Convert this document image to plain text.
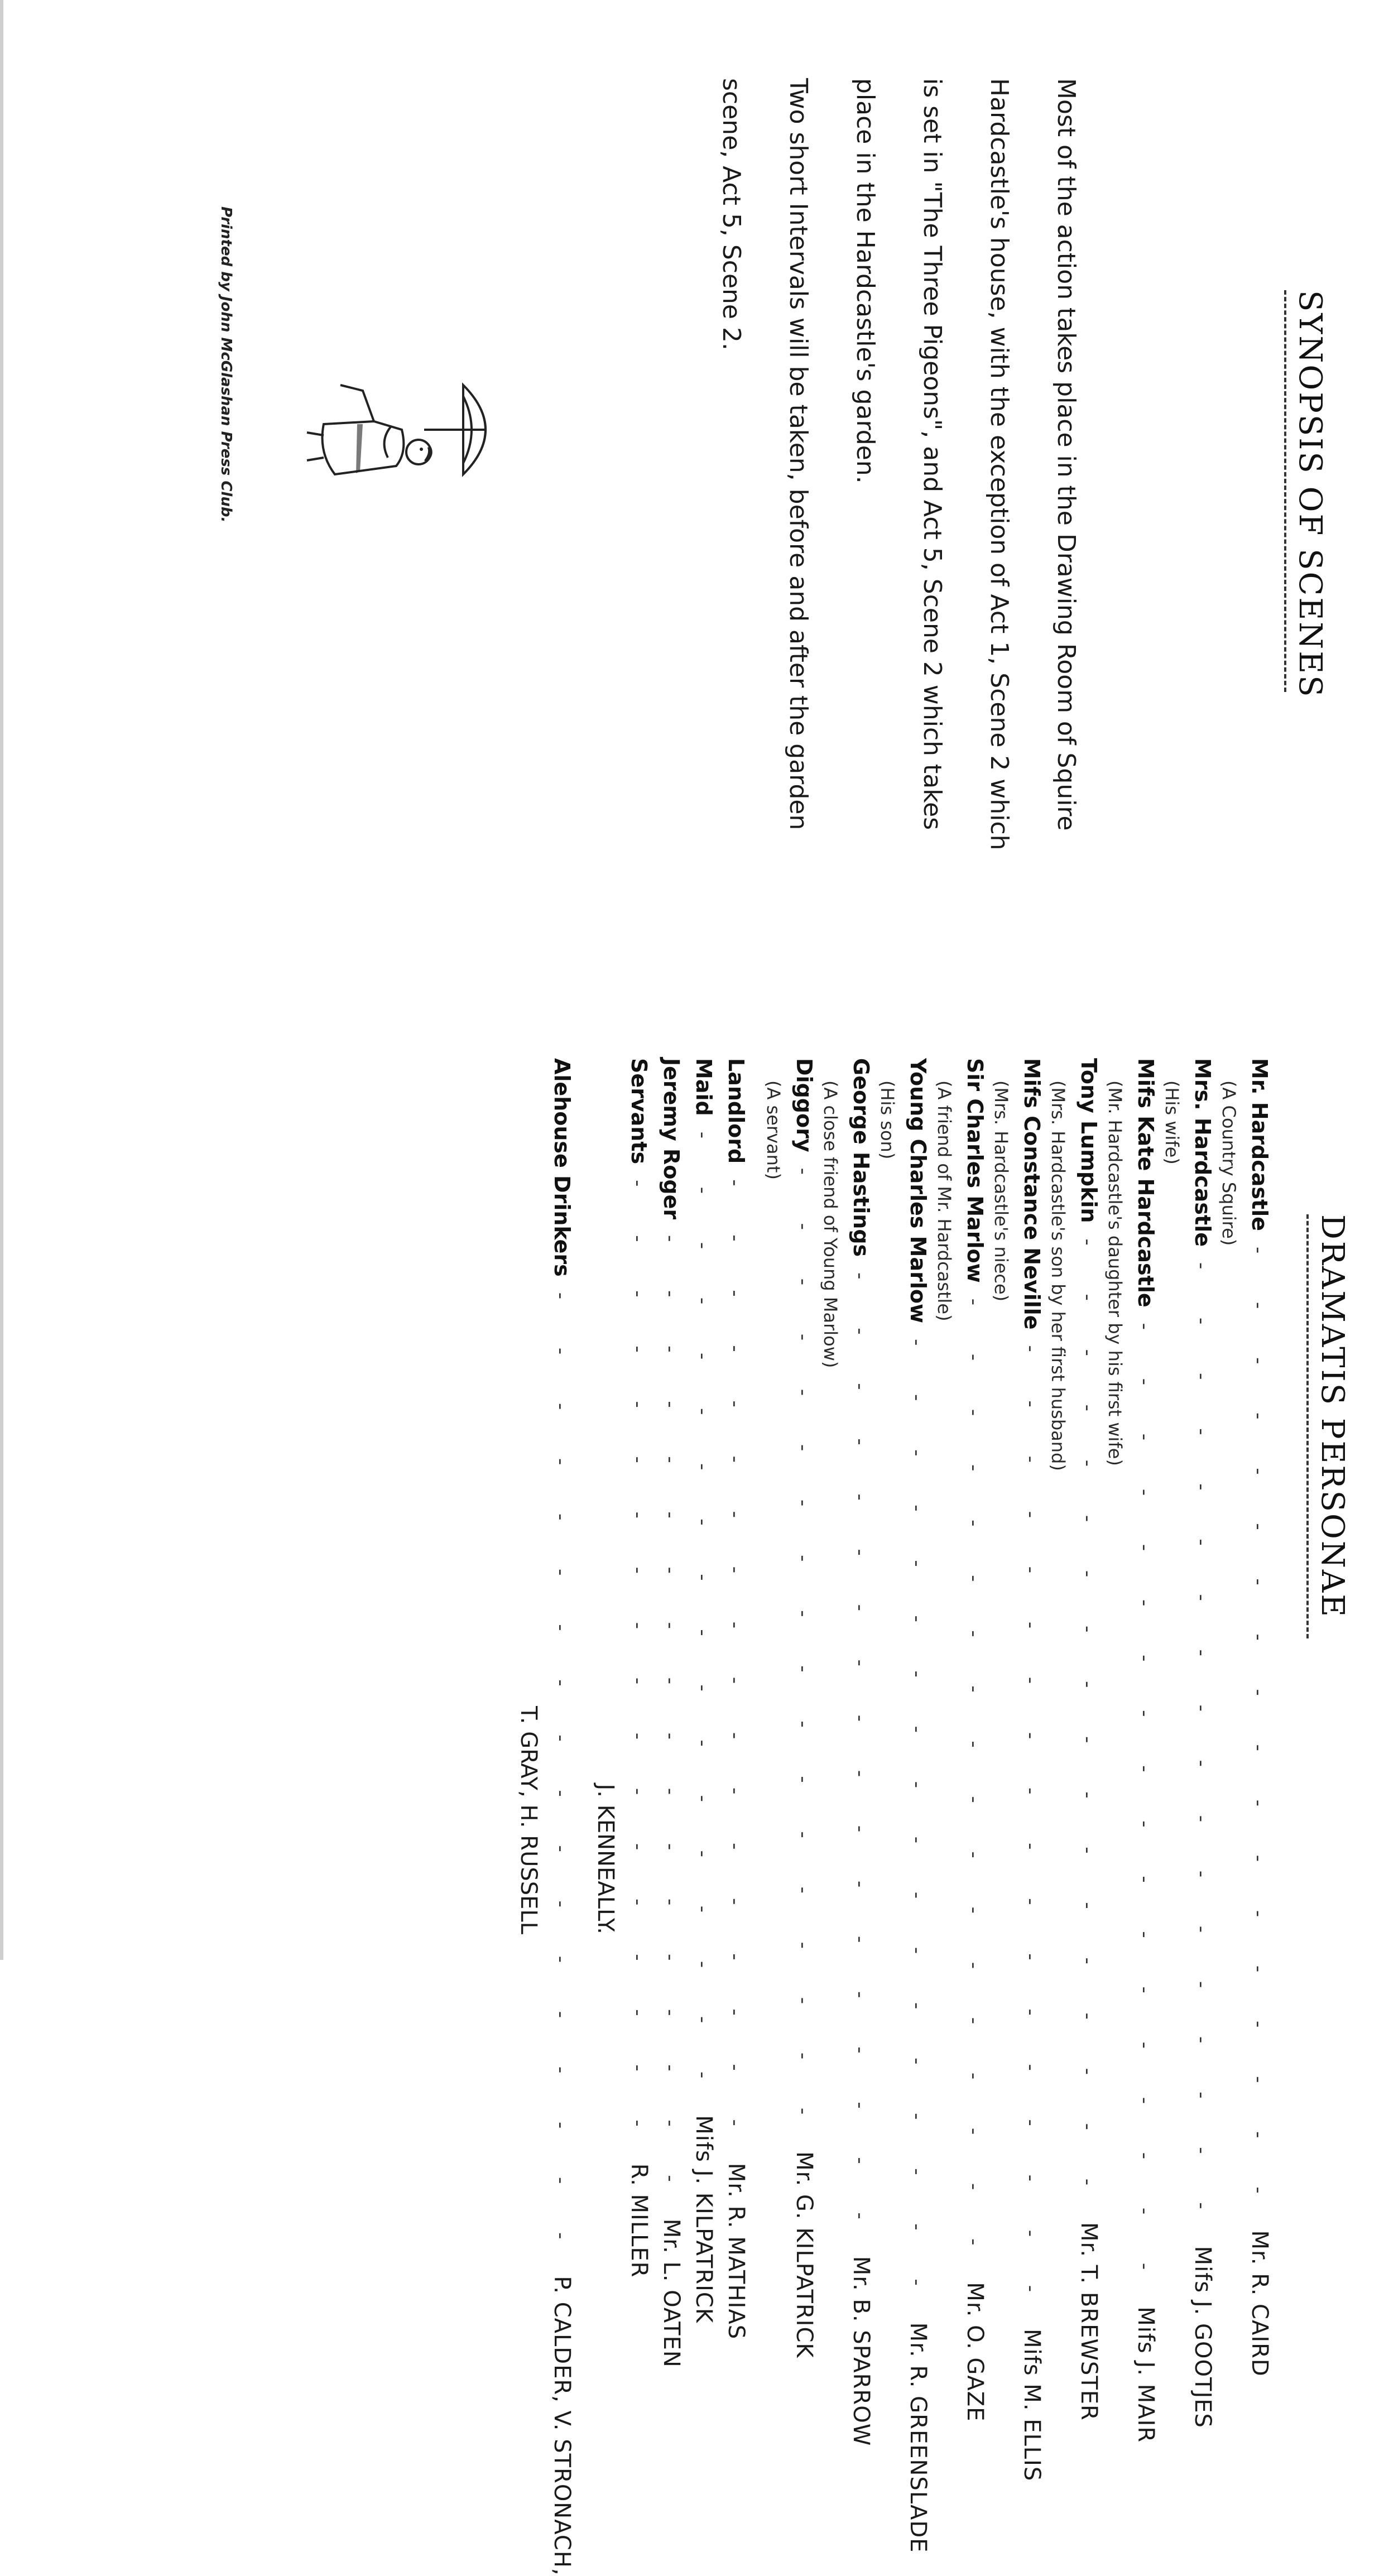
SYNOPSIS OF SCENES

Most of the action takes place in the Drawing Room of Squire Hardcastle's house, with the exception of Act 1, Scene 2 which is set in "The Three Pigeons", and Act 5, Scene 2 which takes place in the Hardcastle's garden.

Two short Intervals will be taken, before and after the garden scene, Act 5, Scene 2.

Printed by John McGlashan Press Club.
DRAMATIS PERSONAE
Mr. Hardcastle
- - - - - - - - - - - - - - - - - -
Mr. R. CAIRD
(A Country Squire)
Mrs. Hardcastle
- - - - - - - - - - - - - - - - - -
Mifs J. GOOTJES
(His wife)
Mifs Kate Hardcastle
- - - - - - - - - - - - - - - - - -
Mifs J. MAIR
(Mr. Hardcastle's daughter by his first wife)
Tony Lumpkin
- - - - - - - - - - - - - - - - - -
Mr. T. BREWSTER
(Mrs. Hardcastle's son by her first husband)
Mifs Constance Neville
- - - - - - - - - - - - - - - - - -
Mifs M. ELLIS
(Mrs. Hardcastle's niece)
Sir Charles Marlow
- - - - - - - - - - - - - - - - - -
Mr. O. GAZE
(A friend of Mr. Hardcastle)
Young Charles Marlow
- - - - - - - - - - - - - - - - - -
Mr. R. GREENSLADE
(His son)
George Hastings
- - - - - - - - - - - - - - - - - -
Mr. B. SPARROW
(A close friend of Young Marlow)
Diggory
- - - - - - - - - - - - - - - - - -
Mr. G. KILPATRICK
(A servant)
Landlord
- - - - - - - - - - - - - - - - - -
Mr. R. MATHIAS
Maid
- - - - - - - - - - - - - - - - - -
Mifs J. KILPATRICK
Jeremy Roger
- - - - - - - - - - - - - - - - - -
Mr. L. OATEN
Servants
- - - - - - - - - - - - - - - - - -
R. MILLER
J. KENNEALLY.
Alehouse Drinkers
- - - - - - - - - - - - - - - - - -
P. CALDER, V. STRONACH,
T. GRAY, H. RUSSELL
